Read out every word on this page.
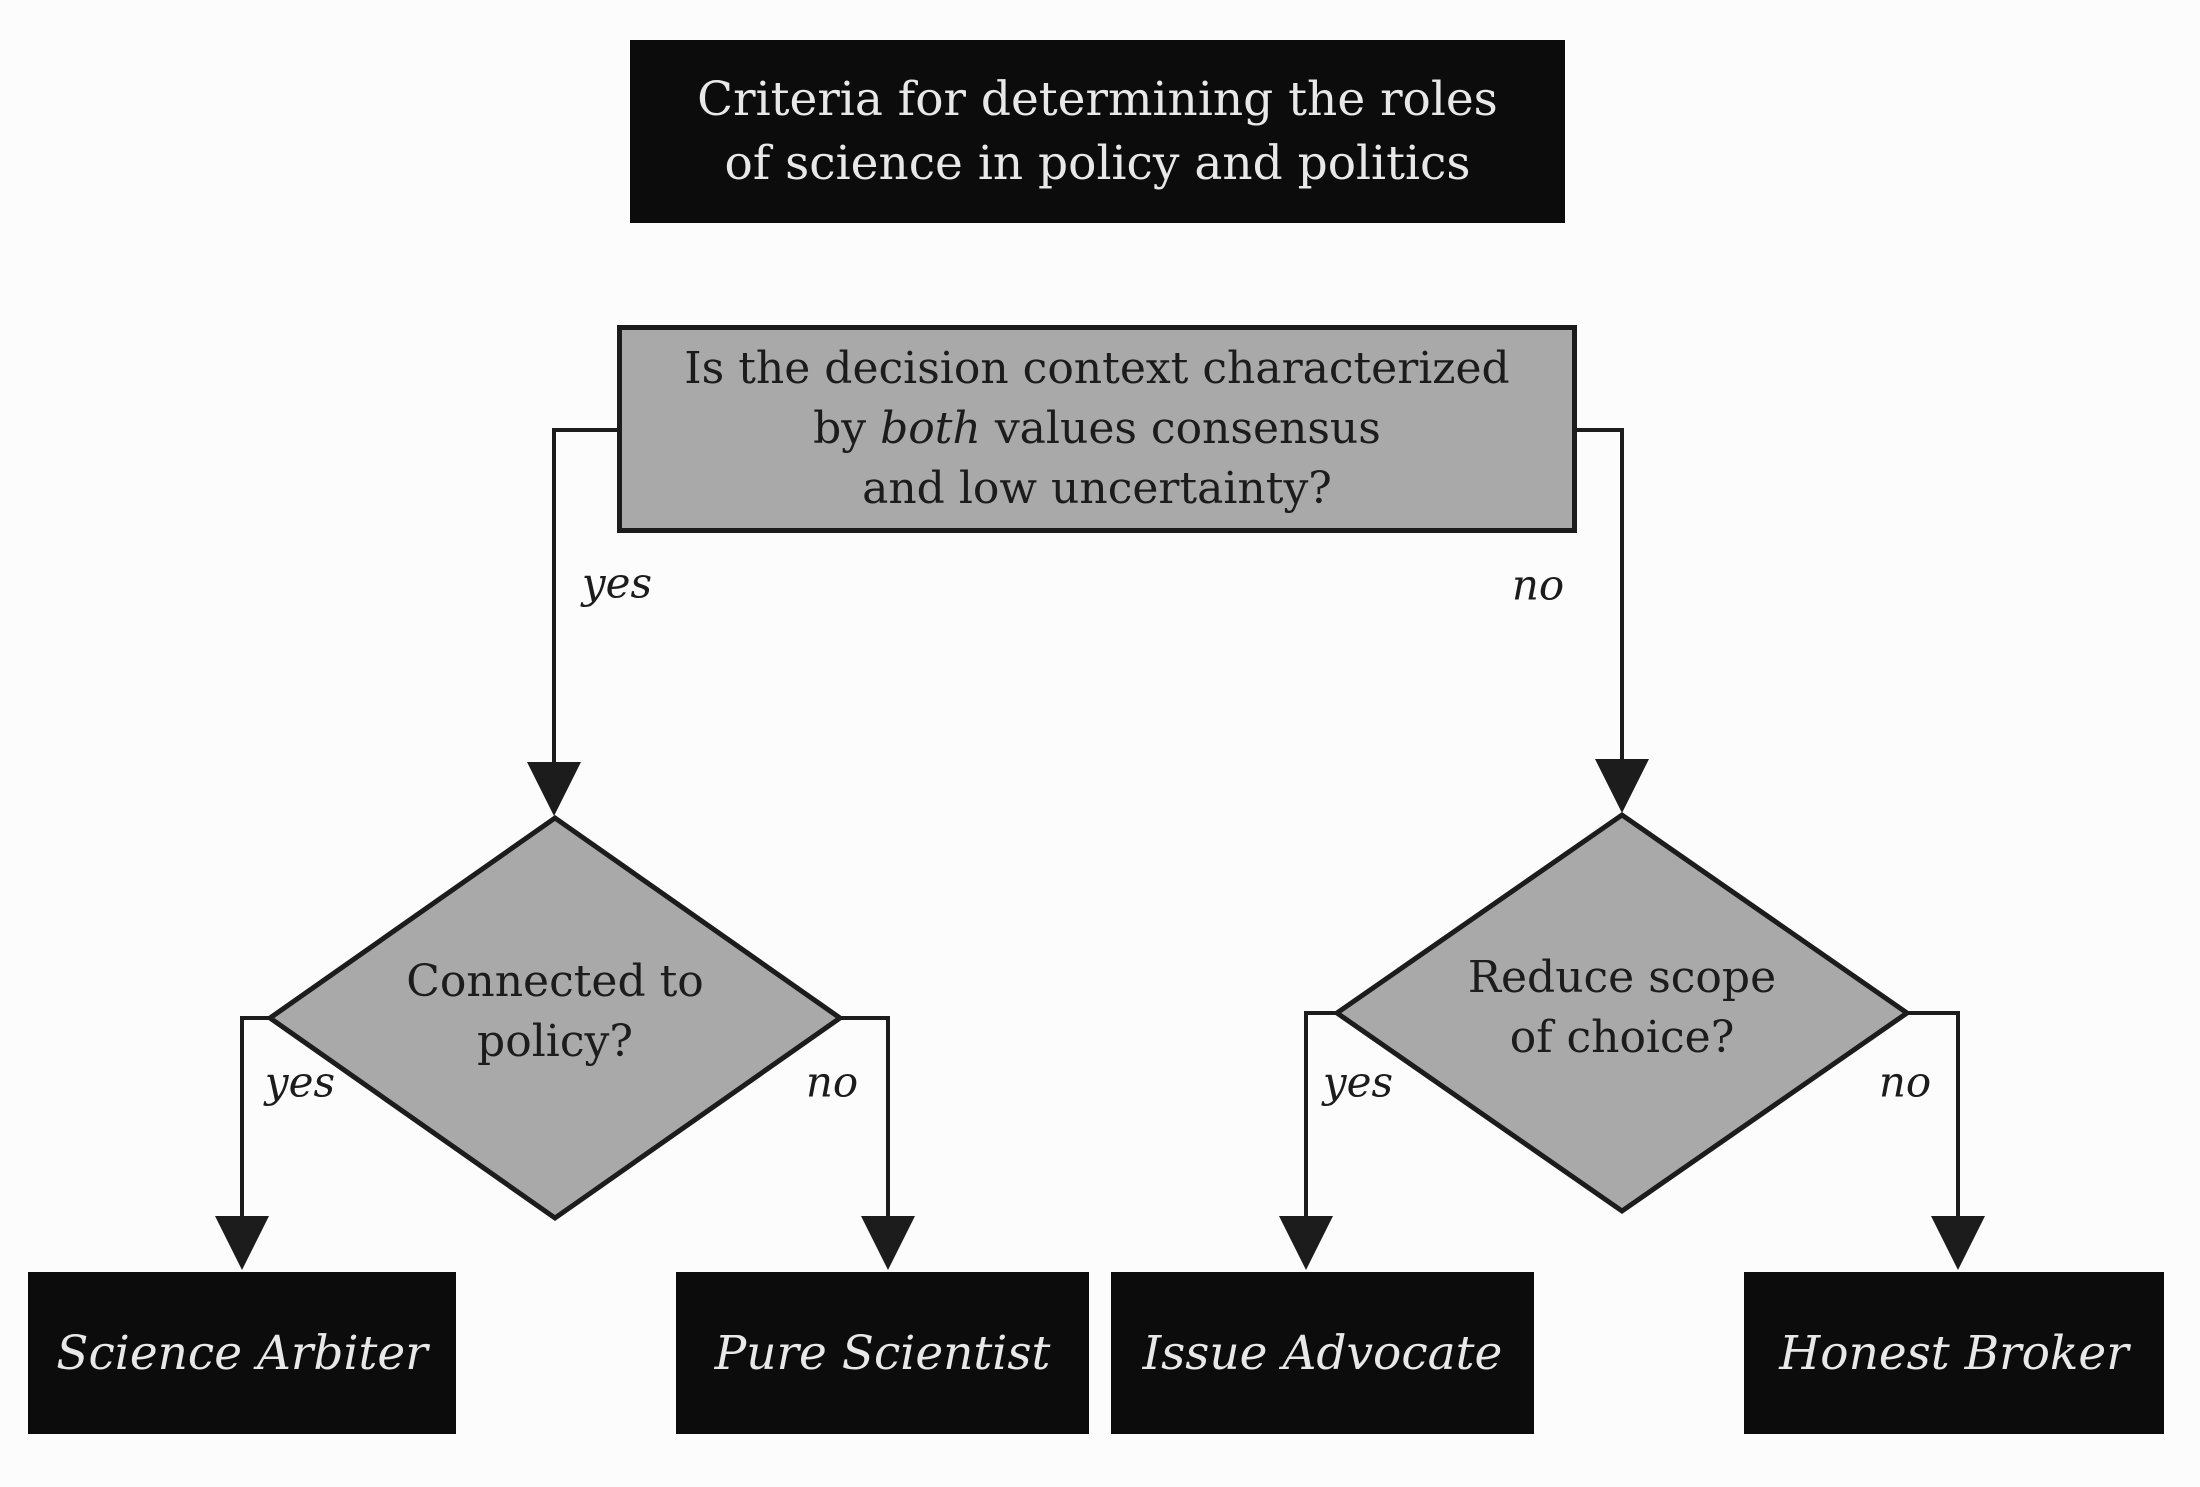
Criteria for determining the roles
of science in policy and politics
Is the decision context characterized
by both values consensus
and low uncertainty?
Connected to
policy?
Reduce scope
of choice?
yes	no
yes	no	yes	no
Science Arbiter	Pure Scientist Issue Advocate	Honest Broker
